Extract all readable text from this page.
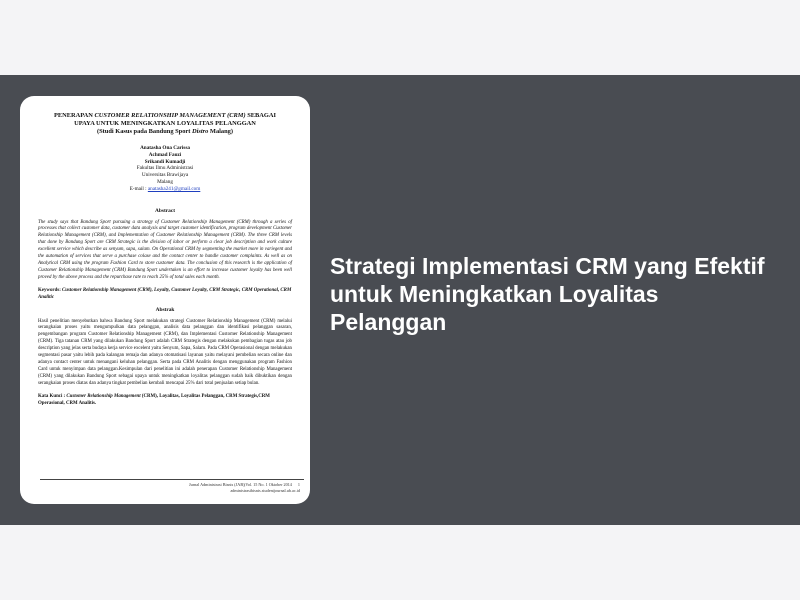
PENERAPAN CUSTOMER RELATIONSHIP MANAGEMENT (CRM) SEBAGAI
UPAYA UNTUK MENINGKATKAN LOYALITAS PELANGGAN
(Studi Kasus pada Bandung Sport Distro Malang)
Anatasha Ona Carissa
Achmad Fauzi
Srikandi Kumadji
Fakultas Ilmu Administrasi
Universitas Brawijaya
Malang
E-mail : anatasha241@gmail.com
Abstract
The study says that Bandung Sport pursuing a strategy of Customer Relationship Management (CRM) through a series of processes that collect customer data, customer data analysis and target customer identification, program development Customer Relationship Management (CRM), and Implementation of Customer Relationship Management (CRM). The three CRM levels that done by Bandung Sport are CRM Strategic is the division of labor or perform a clear job description and work culture excellent service which describe as senyum, sapa, salam. On Operational CRM by segmenting the market more in variegent and the automation of services that serve a purchase colase and the contact center to handle customer complaints. As well as on Analytical CRM using the program Fashion Card to store customer data. The conclusion of this research is the application of Customer Relationship Management (CRM) Bandung Sport undertaken is an effort to increase customer loyalty has been well proved by the above process and the repurchase rate to reach 25% of total sales each month.
Keywords: Customer Relationship Management (CRM), Loyalty, Customer Loyalty, CRM Strategic, CRM Operational, CRM Analitic
Abstrak
Hasil penelitian menyebutkan bahwa Bandung Sport melakukan strategi Customer Relationship Management (CRM) melalui serangkaian proses yaitu mengumpulkan data pelanggan, analisis data pelanggan dan identifikasi pelanggan sasaran, pengembangan program Customer Relationship Management (CRM), dan Implementasi Customer Relationship Management (CRM). Tiga tatanan CRM yang dilakukan Bandung Sport adalah CRM Strategis dengan melakukan pembagian tugas atau job description yang jelas serta budaya kerja service excelent yaitu Senyum, Sapa, Salam. Pada CRM Operasional dengan melakukan segmentasi pasar yaitu lebih pada kalangan remaja dan adanya otomatisasi layanan yaitu melayani pembelian secara online dan adanya contact center untuk menangani keluhan pelanggan. Serta pada CRM Analitis dengan menggunakan program Fashion Card untuk menyimpan data pelanggan.Kesimpulan dari penelitian ini adalah penerapan Customer Relationship Management (CRM) yang dilakukan Bandung Sport sebagai upaya untuk meningkatkan loyalitas pelanggan sudah baik dibuktikan dengan serangkaian proses diatas dan adanya tingkat pembelian kembali mencapai 25% dari total penjualan setiap bulan.
Kata Kunci : Customer Relationship Management (CRM), Loyalitas, Loyalitas Pelanggan, CRM Strategis,CRM Operasional, CRM Analitis.
Jurnal Administrasi Bisnis (JAB)|Vol. 15 No. 1 Oktober 2014 1
administrasibisnis.studentjournal.ub.ac.id
Strategi Implementasi CRM yang Efektif untuk Meningkatkan Loyalitas Pelanggan
